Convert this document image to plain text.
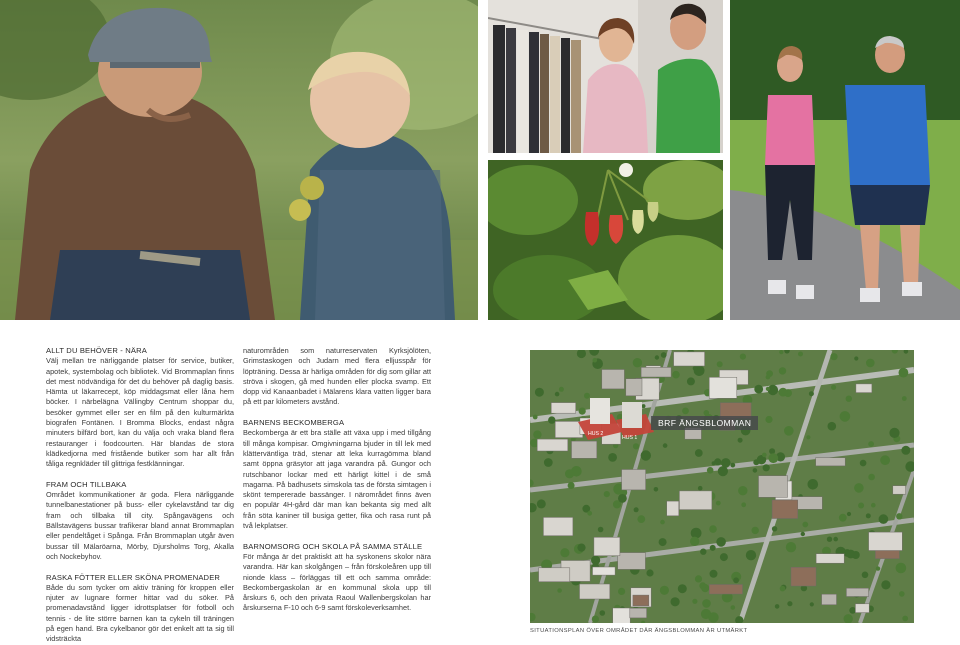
ALLT DU BEHÖVER - NÄRA

Välj mellan tre närliggande platser för service, butiker, apotek, systembolag och bibliotek. Vid Brommaplan finns det mest nödvändiga för det du behöver på daglig basis. Hämta ut läkarrecept, köp middagsmat eller låna hem böcker. I närbelägna Vällingby Centrum shoppar du, besöker gymmet eller ser en film på den kulturmärkta biografen Fontänen. I Bromma Blocks, endast några minuters bilfärd bort, kan du välja och vraka bland flera restauranger i foodcourten. Här blandas de stora klädkedjorna med fristående butiker som har allt från tåliga regnkläder till glittriga festklänningar.

FRAM OCH TILLBAKA

Området kommunikationer är goda. Flera närliggande tunnelbanestationer på buss- eller cykelavstånd tar dig fram och tillbaka till city. Spångavägens och Bällstavägens bussar trafikerar bland annat Brommaplan eller pendeltåget i Spånga. Från Brommaplan utgår även bussar till Mälaröarna, Mörby, Djursholms Torg, Akalla och Nockebyhov.

RASKA FÖTTER ELLER SKÖNA PROMENADER

Både du som tycker om aktiv träning för kroppen eller njuter av lugnare former hittar vad du söker. På promenadavstånd ligger idrottsplatser för fotboll och tennis - de lite större barnen kan ta cykeln till träningen på egen hand. Bra cykelbanor gör det enkelt att ta sig till vidsträckta

naturområden som naturreservaten Kyrksjölöten, Grimstaskogen och Judarn med flera elljusspår för löpträning. Dessa är härliga områden för dig som gillar att ströva i skogen, gå med hunden eller plocka svamp. Ett dopp vid Kanaanbadet i Mälarens klara vatten ligger bara på ett par kilometers avstånd.

BARNENS BECKOMBERGA

Beckomberga är ett bra ställe att växa upp i med tillgång till många kompisar. Omgivningarna bjuder in till lek med klätterväntliga träd, stenar att leka kurragömma bland samt öppna gräsytor att jaga varandra på. Gungor och rutschbanor lockar med ett härligt kittel i de små magarna. På badhusets simskola tas de första simtagen i skönt tempererade bassänger. I närområdet finns även en populär 4H-gård där man kan bekanta sig med allt från söta kaniner till busiga getter, fika och rasa runt på två lekplatser.

BARNOMSORG OCH SKOLA PÅ SAMMA STÄLLE

För många är det praktiskt att ha syskonens skolor nära varandra. Här kan skolgången – från förskoleåren upp till nionde klass – förläggas till ett och samma område: Beckombergaskolan är en kommunal skola upp till årskurs 6, och den privata Raoul Wallenbergskolan har årskurserna F-10 och 6-9 samt förskoleverksamhet.

BRF ÄNGSBLOMMAN
HUS 2
HUS 1
SITUATIONSPLAN ÖVER OMRÅDET DÄR ÄNGSBLOMMAN ÄR UTMÄRKT
